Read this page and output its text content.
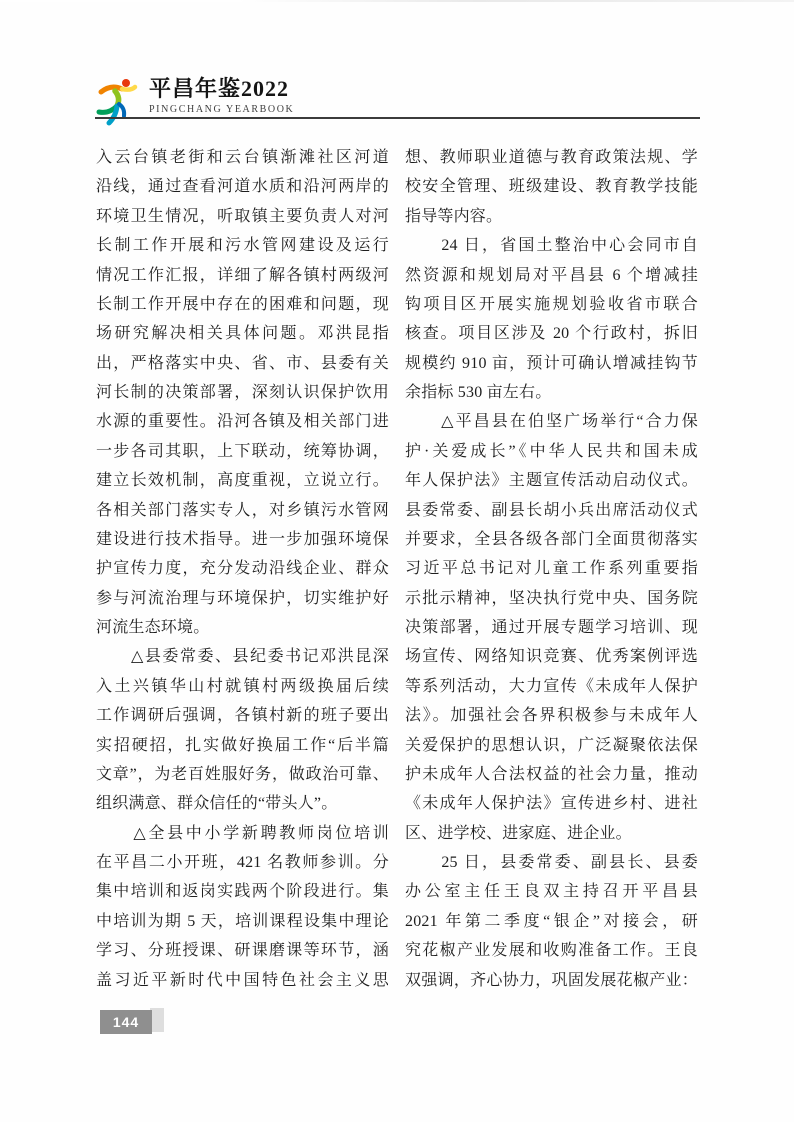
平昌年鉴2022
PINGCHANG YEARBOOK
入云台镇老街和云台镇渐滩社区河道
沿线，通过查看河道水质和沿河两岸的
环境卫生情况，听取镇主要负责人对河
长制工作开展和污水管网建设及运行
情况工作汇报，详细了解各镇村两级河
长制工作开展中存在的困难和问题，现
场研究解决相关具体问题。邓洪昆指
出，严格落实中央、省、市、县委有关
河长制的决策部署，深刻认识保护饮用
水源的重要性。沿河各镇及相关部门进
一步各司其职，上下联动，统筹协调，
建立长效机制，高度重视，立说立行。
各相关部门落实专人，对乡镇污水管网
建设进行技术指导。进一步加强环境保
护宣传力度，充分发动沿线企业、群众
参与河流治理与环境保护，切实维护好
河流生态环境。
　　△县委常委、县纪委书记邓洪昆深
入土兴镇华山村就镇村两级换届后续
工作调研后强调，各镇村新的班子要出
实招硬招，扎实做好换届工作“后半篇
文章”，为老百姓服好务，做政治可靠、
组织满意、群众信任的“带头人”。
　　△全县中小学新聘教师岗位培训
在平昌二小开班，421 名教师参训。分
集中培训和返岗实践两个阶段进行。集
中培训为期 5 天，培训课程设集中理论
学习、分班授课、研课磨课等环节，涵
盖习近平新时代中国特色社会主义思
想、教师职业道德与教育政策法规、学
校安全管理、班级建设、教育教学技能
指导等内容。
　　24 日，省国土整治中心会同市自
然资源和规划局对平昌县 6 个增减挂
钩项目区开展实施规划验收省市联合
核查。项目区涉及 20 个行政村，拆旧
规模约 910 亩，预计可确认增减挂钩节
余指标 530 亩左右。
　　△平昌县在伯坚广场举行“合力保
护·关爱成长”《中华人民共和国未成
年人保护法》主题宣传活动启动仪式。
县委常委、副县长胡小兵出席活动仪式
并要求，全县各级各部门全面贯彻落实
习近平总书记对儿童工作系列重要指
示批示精神，坚决执行党中央、国务院
决策部署，通过开展专题学习培训、现
场宣传、网络知识竞赛、优秀案例评选
等系列活动，大力宣传《未成年人保护
法》。加强社会各界积极参与未成年人
关爱保护的思想认识，广泛凝聚依法保
护未成年人合法权益的社会力量，推动
《未成年人保护法》宣传进乡村、进社
区、进学校、进家庭、进企业。
　　25 日，县委常委、副县长、县委
办公室主任王良双主持召开平昌县
2021 年第二季度“银企”对接会，研
究花椒产业发展和收购准备工作。王良
双强调，齐心协力，巩固发展花椒产业：
144
